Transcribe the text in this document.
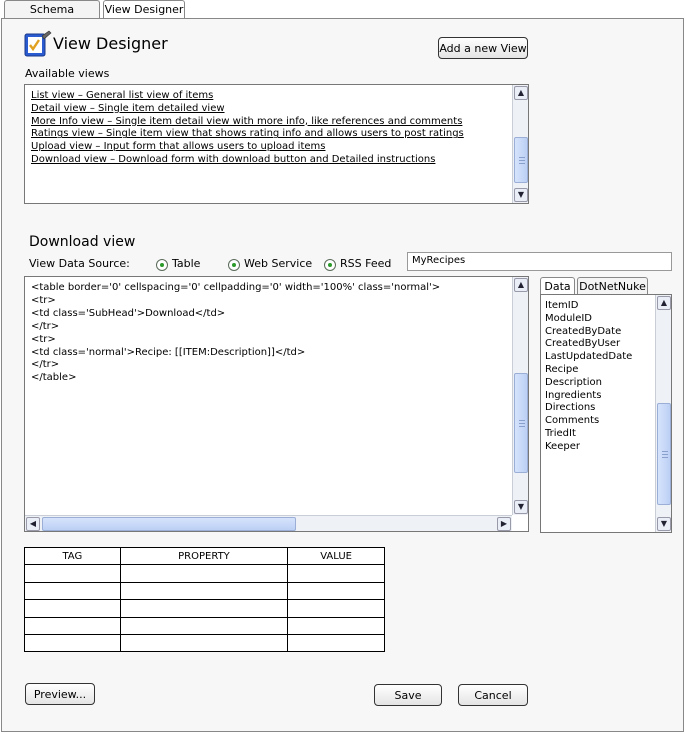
Schema	View Designer
View Designer	Add a new View
Available views
List view – General list view of items
Detail view – Single item detailed view
More Info view – Single item detail view with more info, like references and comments
Ratings view – Single item view that shows rating info and allows users to post ratings
Upload view – Input form that allows users to upload items
Download view – Download form with download button and Detailed instructions
▲
▼
Download view
View Data Source:	Table	Web Service	RSS Feed	MyRecipes
<table border='0' cellspacing='0' cellpadding='0' width='100%' class='normal'>
<tr>
<td class='SubHead'>Download</td>
</tr>
<tr>
<td class='normal'>Recipe: [[ITEM:Description]]</td>
</tr>
</table>
▲
▼
◀	▶
Data DotNetNuke
ItemID
ModuleID
CreatedByDate
CreatedByUser
LastUpdatedDate
Recipe
Description
Ingredients
Directions
Comments
TriedIt
Keeper
▲
▼
TAG	PROPERTY	VALUE

Preview...	Save	Cancel
